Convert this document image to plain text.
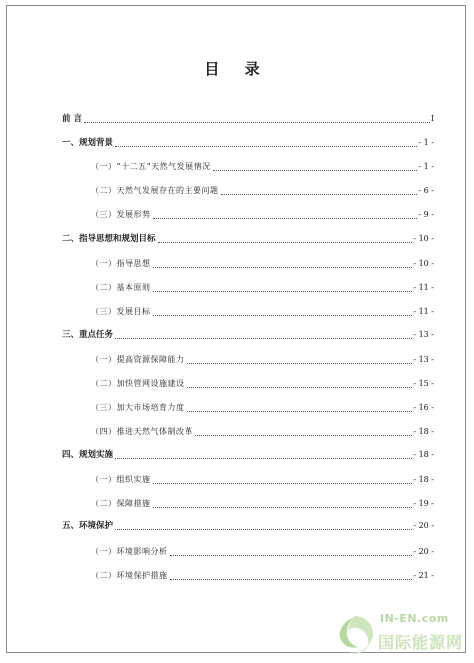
目 录
前 言	I
一、规划背景	- 1 -
（一）“十二五”天然气发展情况	- 1 -
（二）天然气发展存在的主要问题	- 6 -
（三）发展形势	- 9 -
二、指导思想和规划目标	- 10 -
（一）指导思想	- 10 -
（二）基本原则	- 11 -
（三）发展目标	- 11 -
三、重点任务	- 13 -
（一）提高资源保障能力	- 13 -
（二）加快管网设施建设	- 15 -
（三）加大市场培育力度	- 16 -
（四）推进天然气体制改革	- 18 -
四、规划实施	- 18 -
（一）组织实施	- 18 -
（二）保障措施	- 19 -
五、环境保护	- 20 -
（一）环境影响分析	- 20 -
（二）环境保护措施	- 21 -
IN-EN.com
国际能源网
